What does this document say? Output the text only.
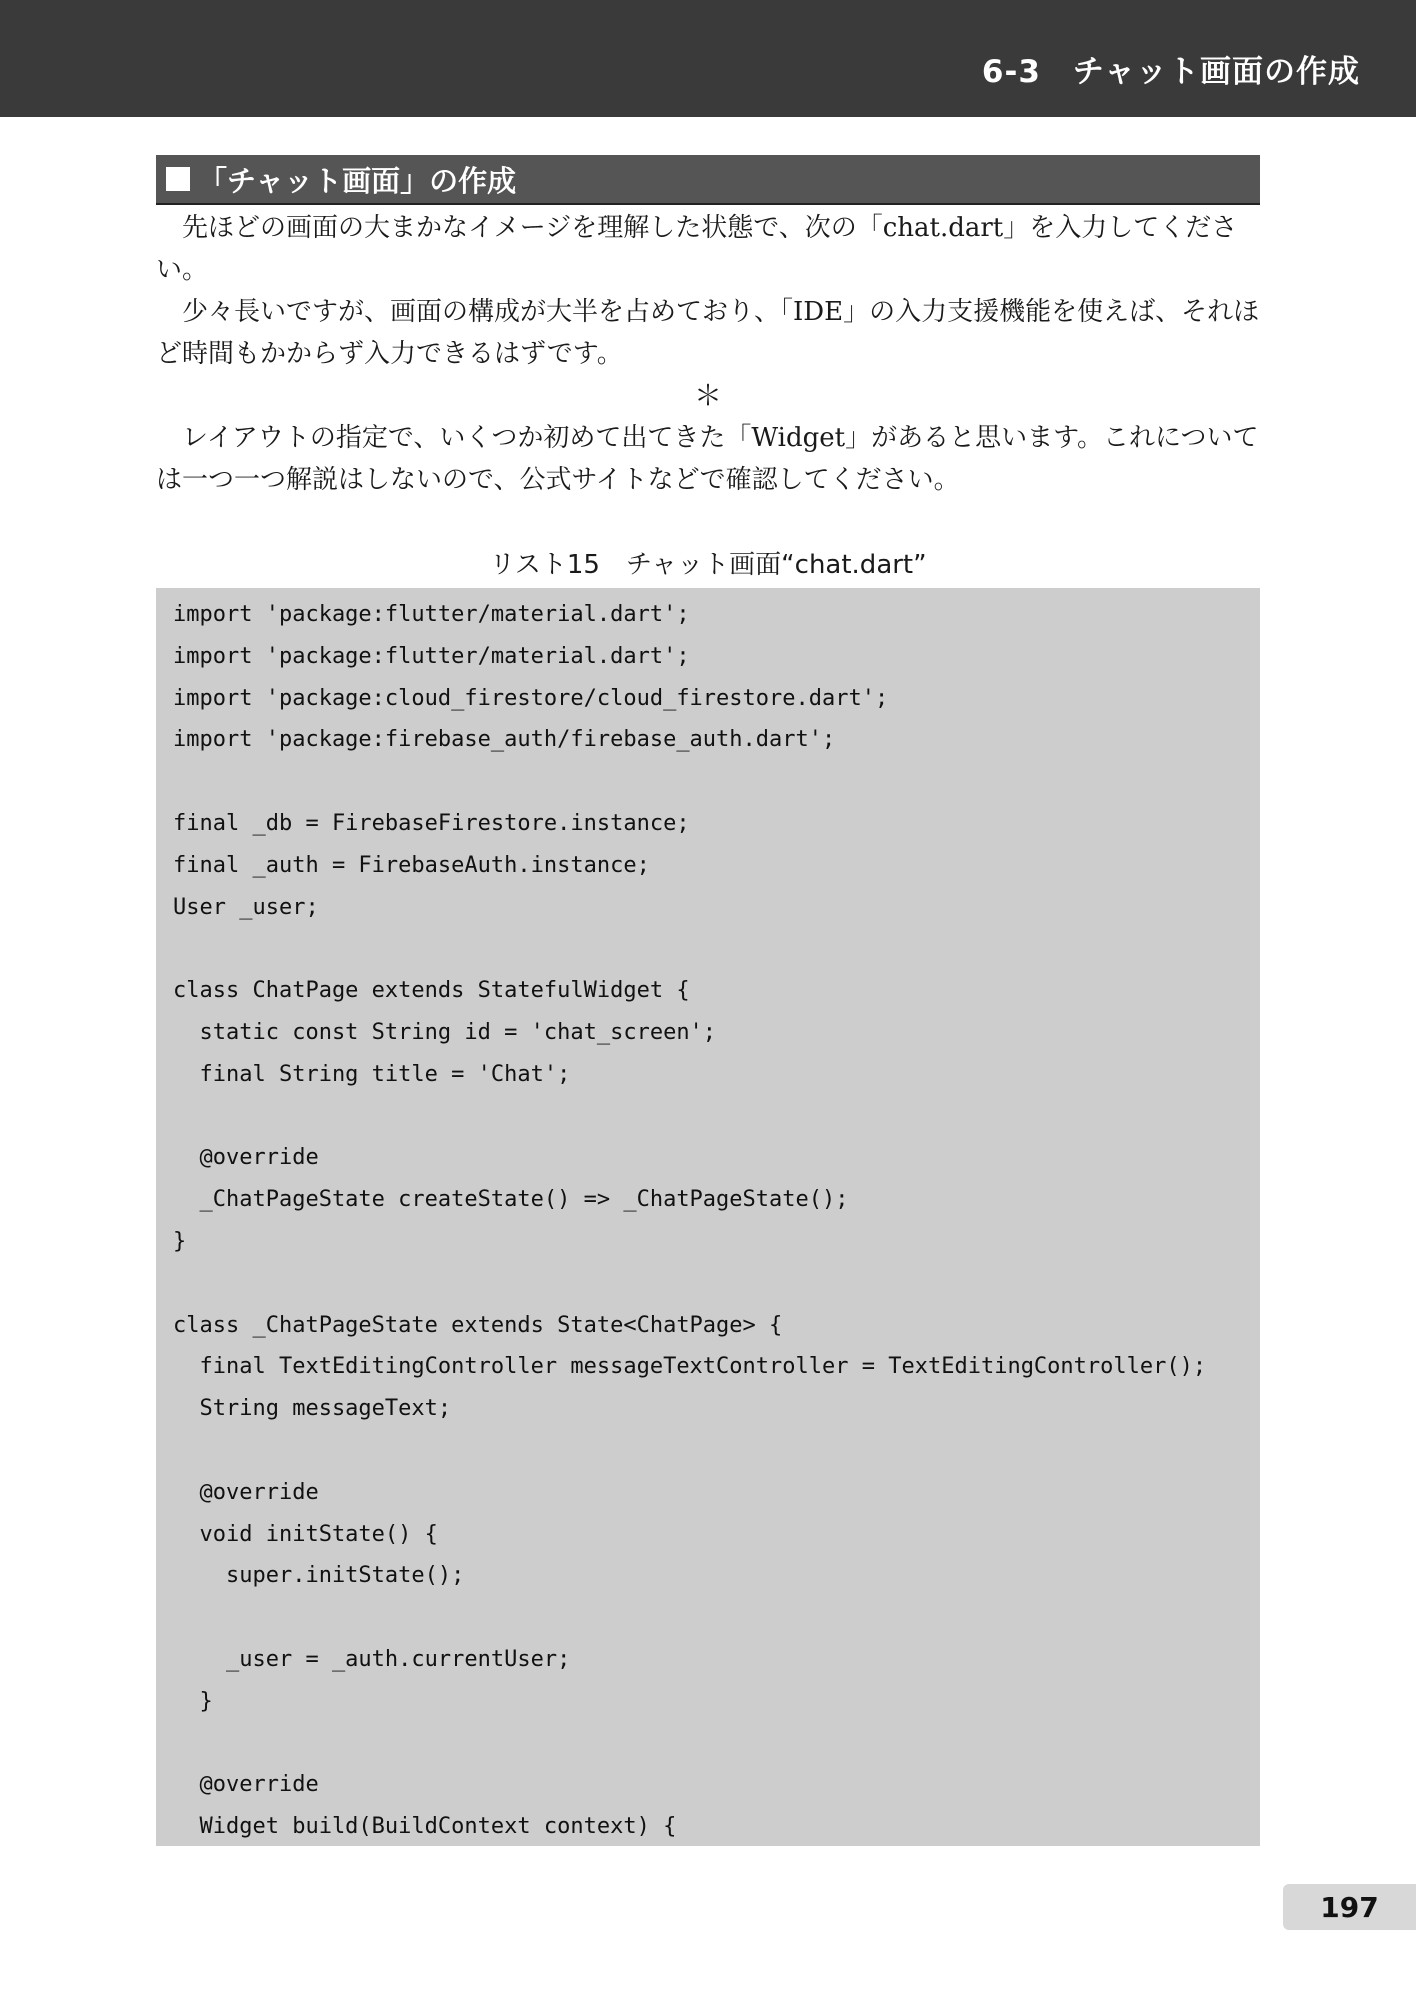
6-3　チャット画面の作成
「チャット画面」の作成

先ほどの画面の大まかなイメージを理解した状態で、次の「chat.dart」を入力してください。

少々長いですが、画面の構成が大半を占めており、「IDE」の入力支援機能を使えば、それほど時間もかからず入力できるはずです。

＊

レイアウトの指定で、いくつか初めて出てきた「Widget」があると思います。これについては一つ一つ解説はしないので、公式サイトなどで確認してください。

リスト15　チャット画面“chat.dart”
import 'package:flutter/material.dart';
import 'package:flutter/material.dart';
import 'package:cloud_firestore/cloud_firestore.dart';
import 'package:firebase_auth/firebase_auth.dart';
final _db = FirebaseFirestore.instance;
final _auth = FirebaseAuth.instance;
User _user;
class ChatPage extends StatefulWidget {
static const String id = 'chat_screen';
final String title = 'Chat';
@override
_ChatPageState createState() => _ChatPageState();
}
class _ChatPageState extends State<ChatPage> {
final TextEditingController messageTextController = TextEditingController();
String messageText;
@override
void initState() {
super.initState();
_user = _auth.currentUser;
}
@override
Widget build(BuildContext context) {
197
